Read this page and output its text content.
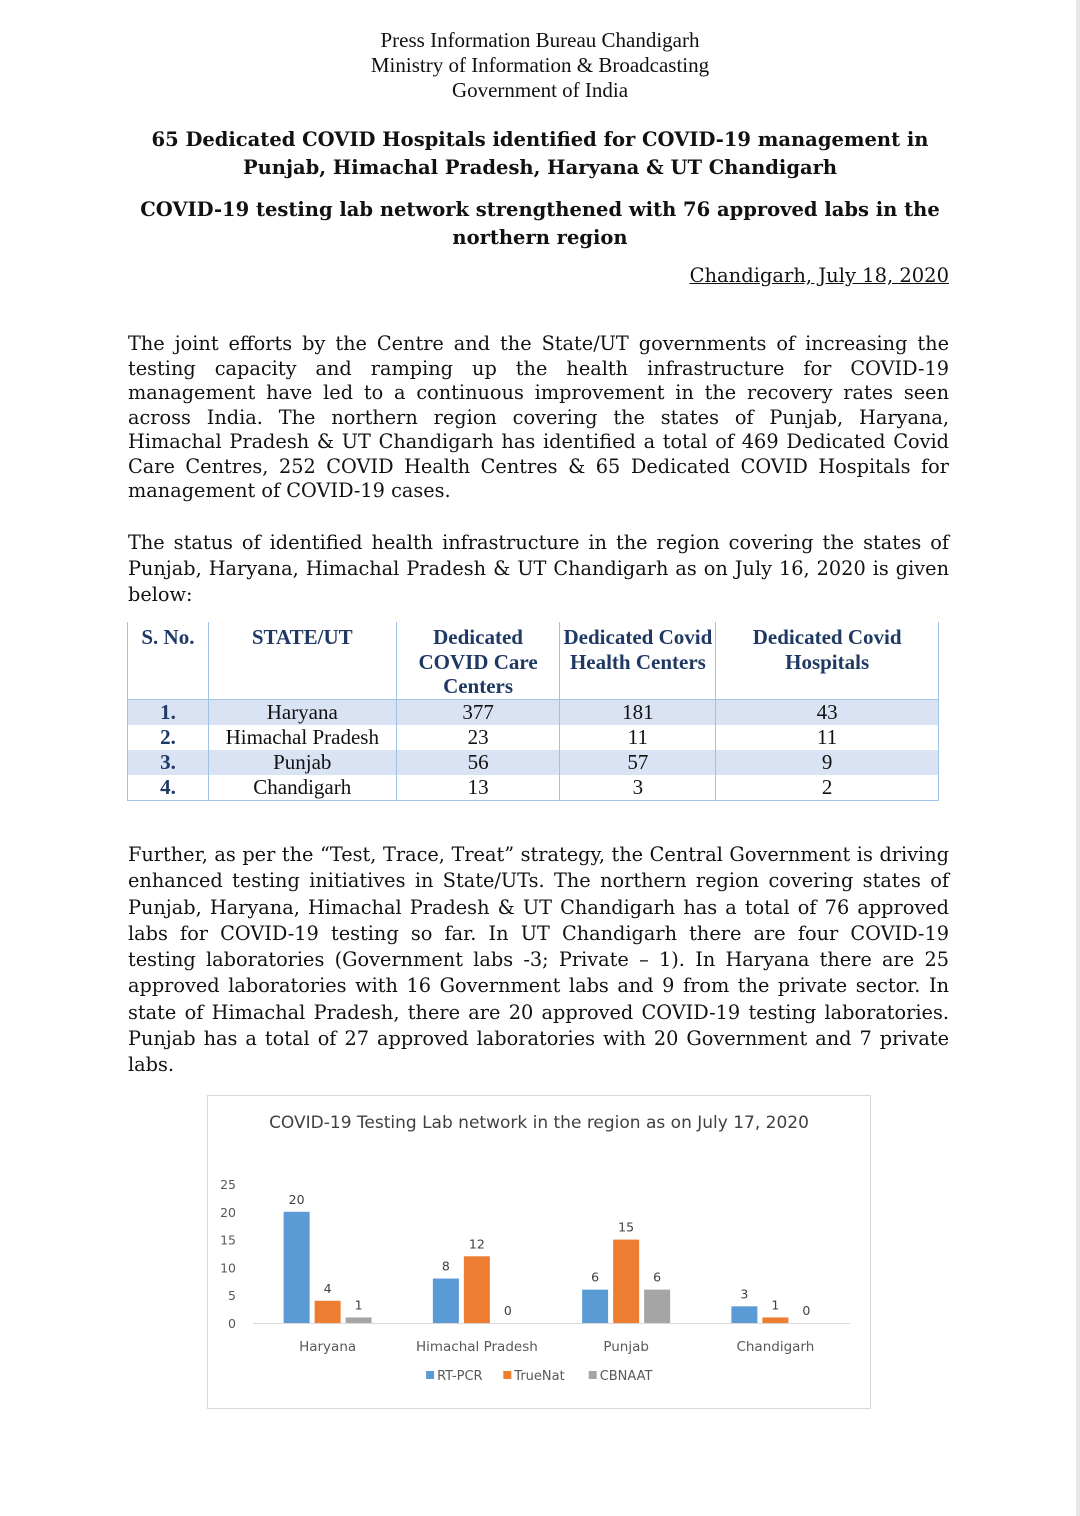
Press Information Bureau Chandigarh
Ministry of Information & Broadcasting
Government of India
65 Dedicated COVID Hospitals identified for COVID-19 management in Punjab, Himachal Pradesh, Haryana & UT Chandigarh
COVID-19 testing lab network strengthened with 76 approved labs in the northern region
Chandigarh, July 18, 2020
The joint efforts by the Centre and the State/UT governments of increasing the testing capacity and ramping up the health infrastructure for COVID-19 management have led to a continuous improvement in the recovery rates seen across India. The northern region covering the states of Punjab, Haryana, Himachal Pradesh & UT Chandigarh has identified a total of 469 Dedicated Covid Care Centres, 252 COVID Health Centres & 65 Dedicated COVID Hospitals for management of COVID-19 cases.
The status of identified health infrastructure in the region covering the states of Punjab, Haryana, Himachal Pradesh & UT Chandigarh as on July 16, 2020 is given below:
S. No.	STATE/UT	Dedicated COVID Care Centers	Dedicated Covid Health Centers	Dedicated Covid Hospitals
1.	Haryana	377	181	43
2.	Himachal Pradesh	23	11	11
3.	Punjab	56	57	9
4.	Chandigarh	13	3	2
Further, as per the “Test, Trace, Treat” strategy, the Central Government is driving enhanced testing initiatives in State/UTs. The northern region covering states of Punjab, Haryana, Himachal Pradesh & UT Chandigarh has a total of 76 approved labs for COVID-19 testing so far. In UT Chandigarh there are four COVID-19 testing laboratories (Government labs -3; Private – 1). In Haryana there are 25 approved laboratories with 16 Government labs and 9 from the private sector. In state of Himachal Pradesh, there are 20 approved COVID-19 testing laboratories. Punjab has a total of 27 approved laboratories with 20 Government and 7 private labs.
COVID-19 Testing Lab network in the region as on July 17, 2020
0
5
10
15
20
25
20
4
1
Haryana
8
12
0
Himachal Pradesh
6
15
6
Punjab
3
1 0
Chandigarh
RT-PCR TrueNat	CBNAAT
